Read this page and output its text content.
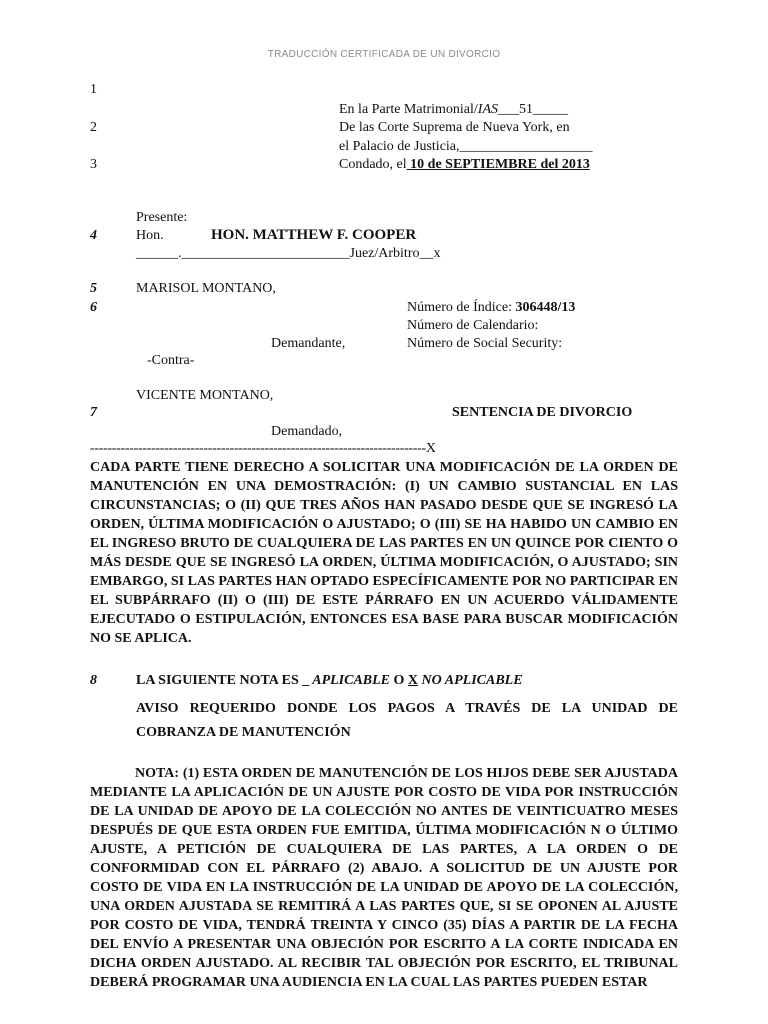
TRADUCCIÓN CERTIFICADA DE UN DIVORCIO
1
2
3
4
5
6
7
8
En la Parte Matrimonial/IAS___51_____
De las Corte Suprema de Nueva York, en
el Palacio de Justicia,___________________
Condado, el 10 de SEPTIEMBRE del 2013
Presente:
Hon.	HON. MATTHEW F. COOPER
______.________________________Juez/Arbitro__x
MARISOL MONTANO,
Número de Índice: 306448/13
Número de Calendario:
Demandante,	Número de Social Security:
-Contra-
VICENTE MONTANO,
SENTENCIA DE DIVORCIO
Demandado,
-----------------------------------------------------------------------------X

CADA PARTE TIENE DERECHO A SOLICITAR UNA MODIFICACIÓN DE LA ORDEN DE MANUTENCIÓN EN UNA DEMOSTRACIÓN: (I) UN CAMBIO SUSTANCIAL EN LAS CIRCUNSTANCIAS; O (II) QUE TRES AÑOS HAN PASADO DESDE QUE SE INGRESÓ LA ORDEN, ÚLTIMA MODIFICACIÓN O AJUSTADO; O (III) SE HA HABIDO UN CAMBIO EN EL INGRESO BRUTO DE CUALQUIERA DE LAS PARTES EN UN QUINCE POR CIENTO O MÁS DESDE QUE SE INGRESÓ LA ORDEN, ÚLTIMA MODIFICACIÓN, O AJUSTADO; SIN EMBARGO, SI LAS PARTES HAN OPTADO ESPECÍFICAMENTE POR NO PARTICIPAR EN EL SUBPÁRRAFO (II) O (III) DE ESTE PÁRRAFO EN UN ACUERDO VÁLIDAMENTE EJECUTADO O ESTIPULACIÓN, ENTONCES ESA BASE PARA BUSCAR MODIFICACIÓN NO SE APLICA.

LA SIGUIENTE NOTA ES _ APLICABLE O X NO APLICABLE

AVISO REQUERIDO DONDE LOS PAGOS A TRAVÉS DE LA UNIDAD DE COBRANZA DE MANUTENCIÓN

NOTA: (1) ESTA ORDEN DE MANUTENCIÓN DE LOS HIJOS DEBE SER AJUSTADA MEDIANTE LA APLICACIÓN DE UN AJUSTE POR COSTO DE VIDA POR INSTRUCCIÓN DE LA UNIDAD DE APOYO DE LA COLECCIÓN NO ANTES DE VEINTICUATRO MESES DESPUÉS DE QUE ESTA ORDEN FUE EMITIDA, ÚLTIMA MODIFICACIÓN N O ÚLTIMO AJUSTE, A PETICIÓN DE CUALQUIERA DE LAS PARTES, A LA ORDEN O DE CONFORMIDAD CON EL PÁRRAFO (2) ABAJO. A SOLICITUD DE UN AJUSTE POR COSTO DE VIDA EN LA INSTRUCCIÓN DE LA UNIDAD DE APOYO DE LA COLECCIÓN, UNA ORDEN AJUSTADA SE REMITIRÁ A LAS PARTES QUE, SI SE OPONEN AL AJUSTE POR COSTO DE VIDA, TENDRÁ TREINTA Y CINCO (35) DÍAS A PARTIR DE LA FECHA DEL ENVÍO A PRESENTAR UNA OBJECIÓN POR ESCRITO A LA CORTE INDICADA EN DICHA ORDEN AJUSTADO. AL RECIBIR TAL OBJECIÓN POR ESCRITO, EL TRIBUNAL DEBERÁ PROGRAMAR UNA AUDIENCIA EN LA CUAL LAS PARTES PUEDEN ESTAR
